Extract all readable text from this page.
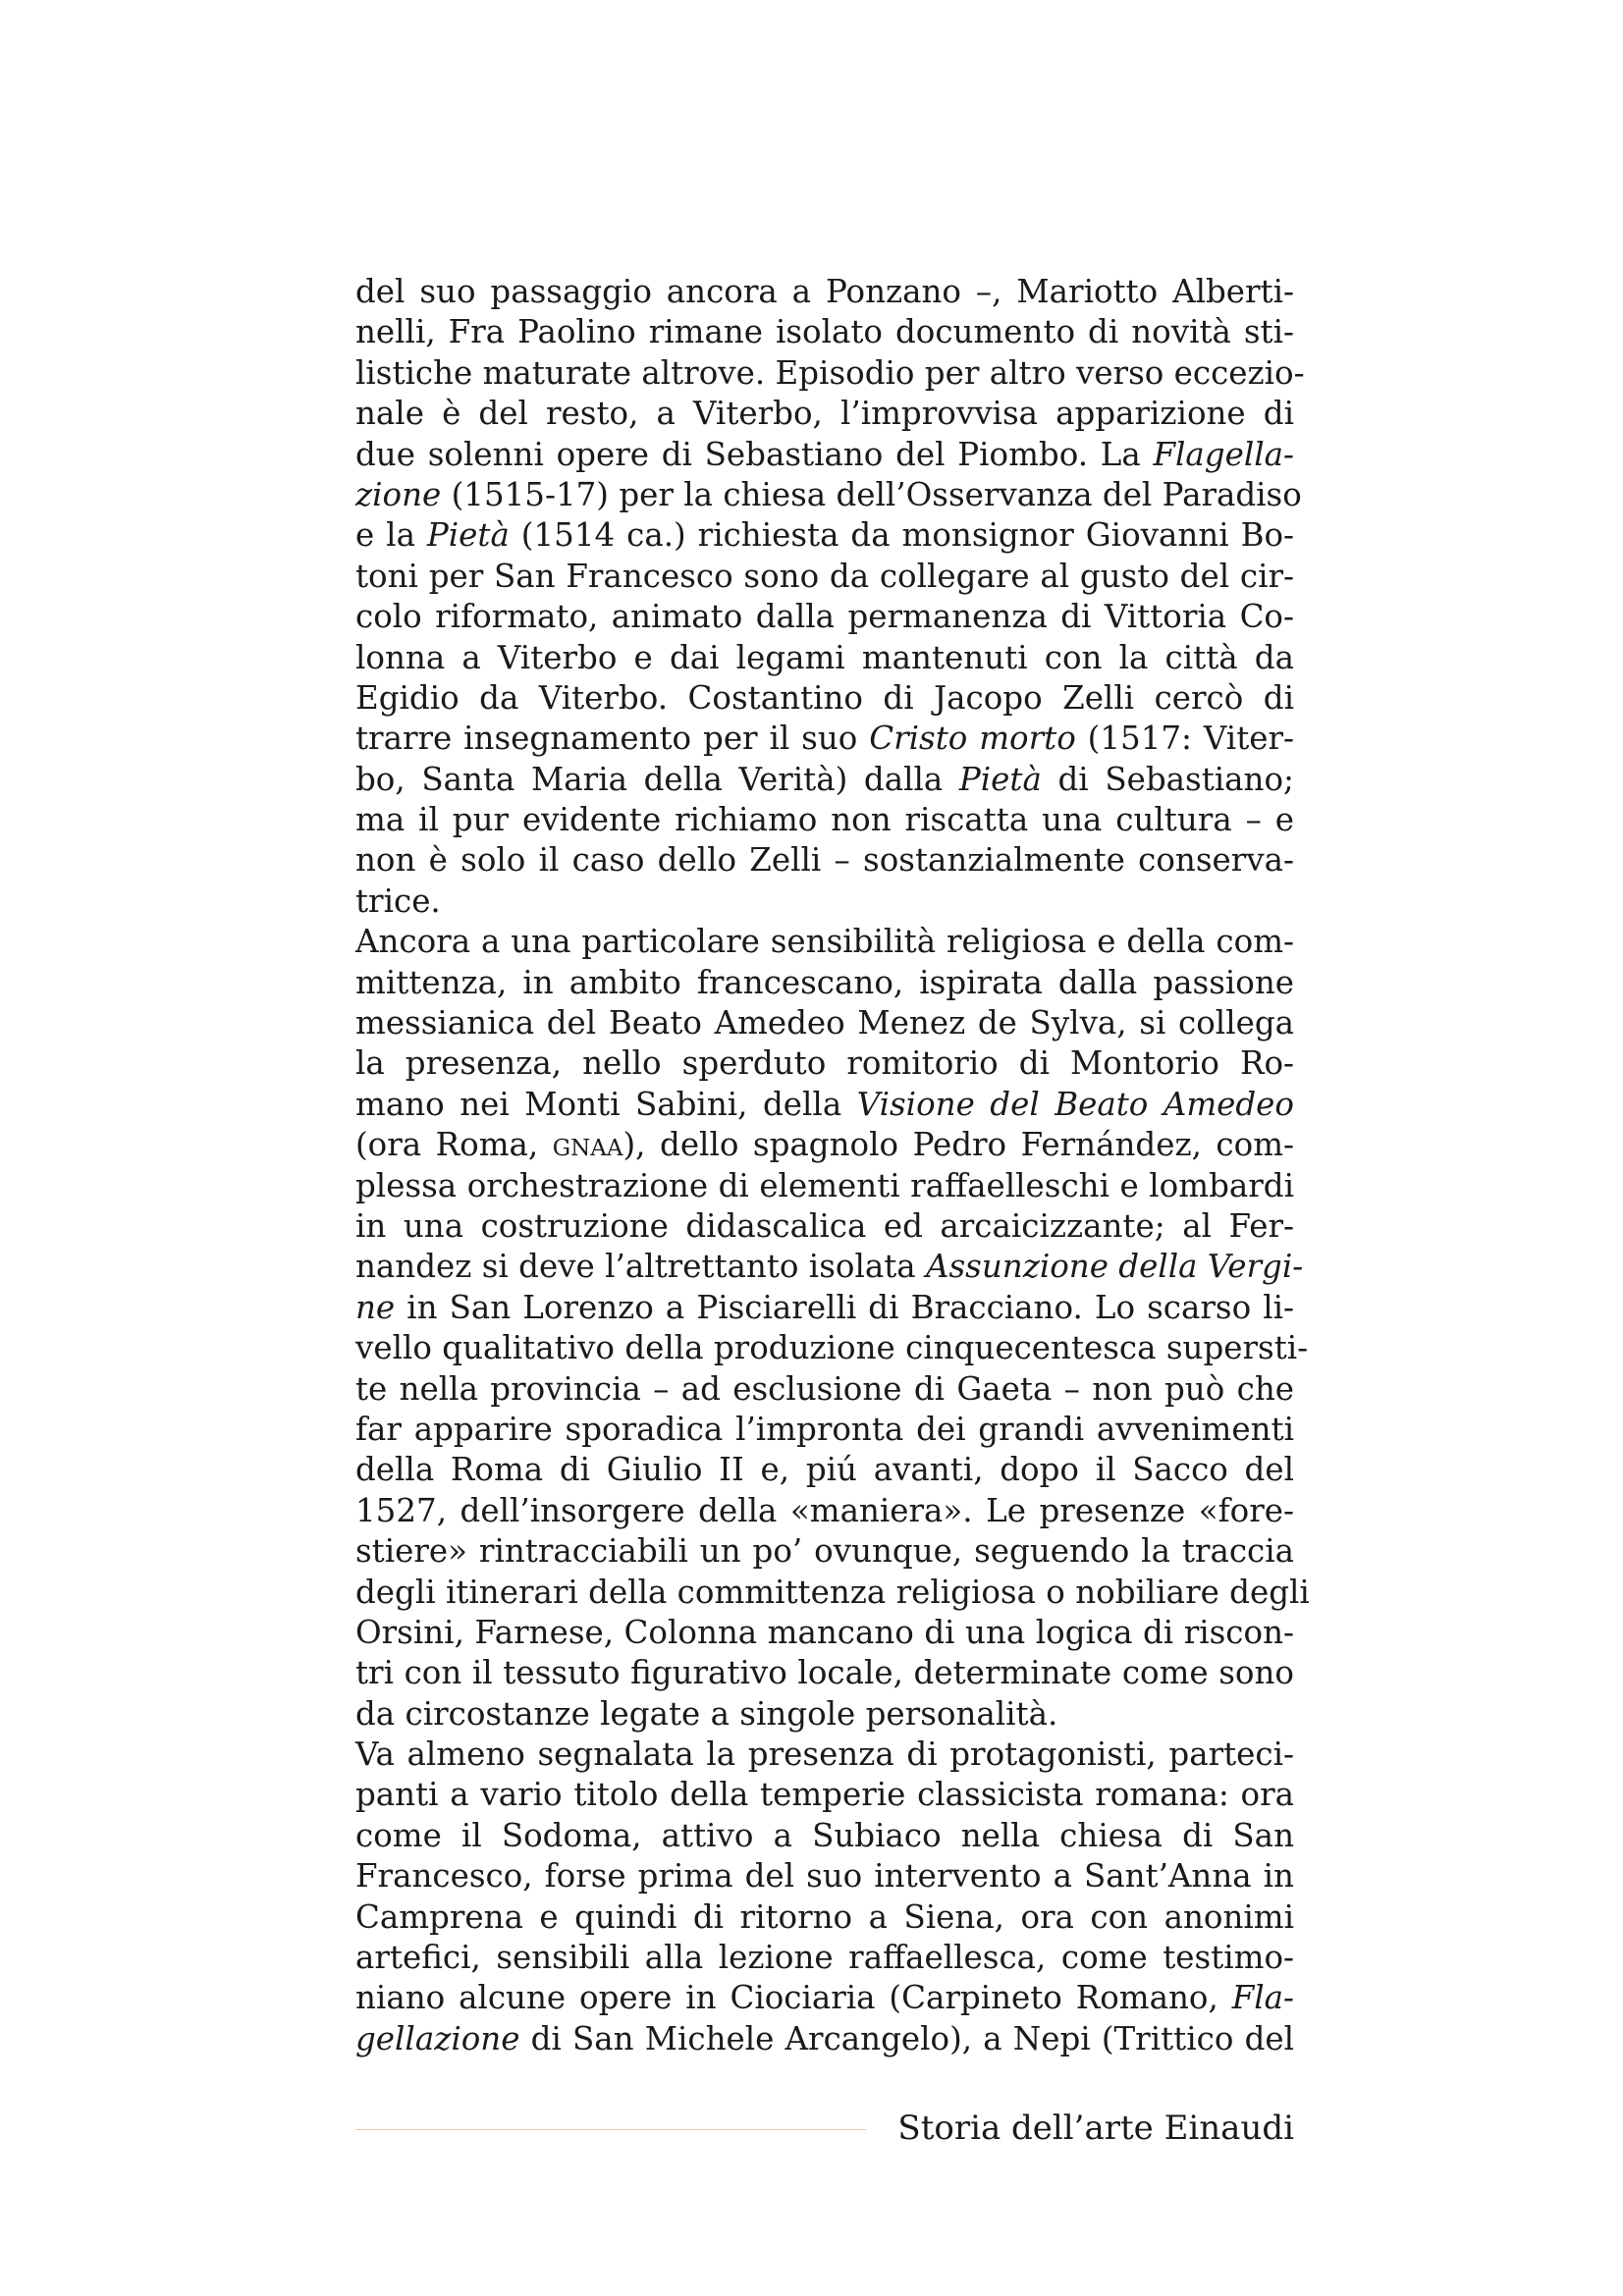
del suo passaggio ancora a Ponzano –, Mariotto Alberti-
nelli, Fra Paolino rimane isolato documento di novità sti-
listiche maturate altrove. Episodio per altro verso eccezio-
nale è del resto, a Viterbo, l’improvvisa apparizione di
due solenni opere di Sebastiano del Piombo. La Flagella-
zione (1515-17) per la chiesa dell’Osservanza del Paradiso
e la Pietà (1514 ca.) richiesta da monsignor Giovanni Bo-
toni per San Francesco sono da collegare al gusto del cir-
colo riformato, animato dalla permanenza di Vittoria Co-
lonna a Viterbo e dai legami mantenuti con la città da
Egidio da Viterbo. Costantino di Jacopo Zelli cercò di
trarre insegnamento per il suo Cristo morto (1517: Viter-
bo, Santa Maria della Verità) dalla Pietà di Sebastiano;
ma il pur evidente richiamo non riscatta una cultura – e
non è solo il caso dello Zelli – sostanzialmente conserva-
trice.
Ancora a una particolare sensibilità religiosa e della com-
mittenza, in ambito francescano, ispirata dalla passione
messianica del Beato Amedeo Menez de Sylva, si collega
la presenza, nello sperduto romitorio di Montorio Ro-
mano nei Monti Sabini, della Visione del Beato Amedeo
(ora Roma, gnaa), dello spagnolo Pedro Fernández, com-
plessa orchestrazione di elementi raffaelleschi e lombardi
in una costruzione didascalica ed arcaicizzante; al Fer-
nandez si deve l’altrettanto isolata Assunzione della Vergi-
ne in San Lorenzo a Pisciarelli di Bracciano. Lo scarso li-
vello qualitativo della produzione cinquecentesca supersti-
te nella provincia – ad esclusione di Gaeta – non può che
far apparire sporadica l’impronta dei grandi avvenimenti
della Roma di Giulio II e, piú avanti, dopo il Sacco del
1527, dell’insorgere della «maniera». Le presenze «fore-
stiere» rintracciabili un po’ ovunque, seguendo la traccia
degli itinerari della committenza religiosa o nobiliare degli
Orsini, Farnese, Colonna mancano di una logica di riscon-
tri con il tessuto figurativo locale, determinate come sono
da circostanze legate a singole personalità.
Va almeno segnalata la presenza di protagonisti, parteci-
panti a vario titolo della temperie classicista romana: ora
come il Sodoma, attivo a Subiaco nella chiesa di San
Francesco, forse prima del suo intervento a Sant’Anna in
Camprena e quindi di ritorno a Siena, ora con anonimi
artefici, sensibili alla lezione raffaellesca, come testimo-
niano alcune opere in Ciociaria (Carpineto Romano, Fla-
gellazione di San Michele Arcangelo), a Nepi (Trittico del
Storia dell’arte Einaudi
